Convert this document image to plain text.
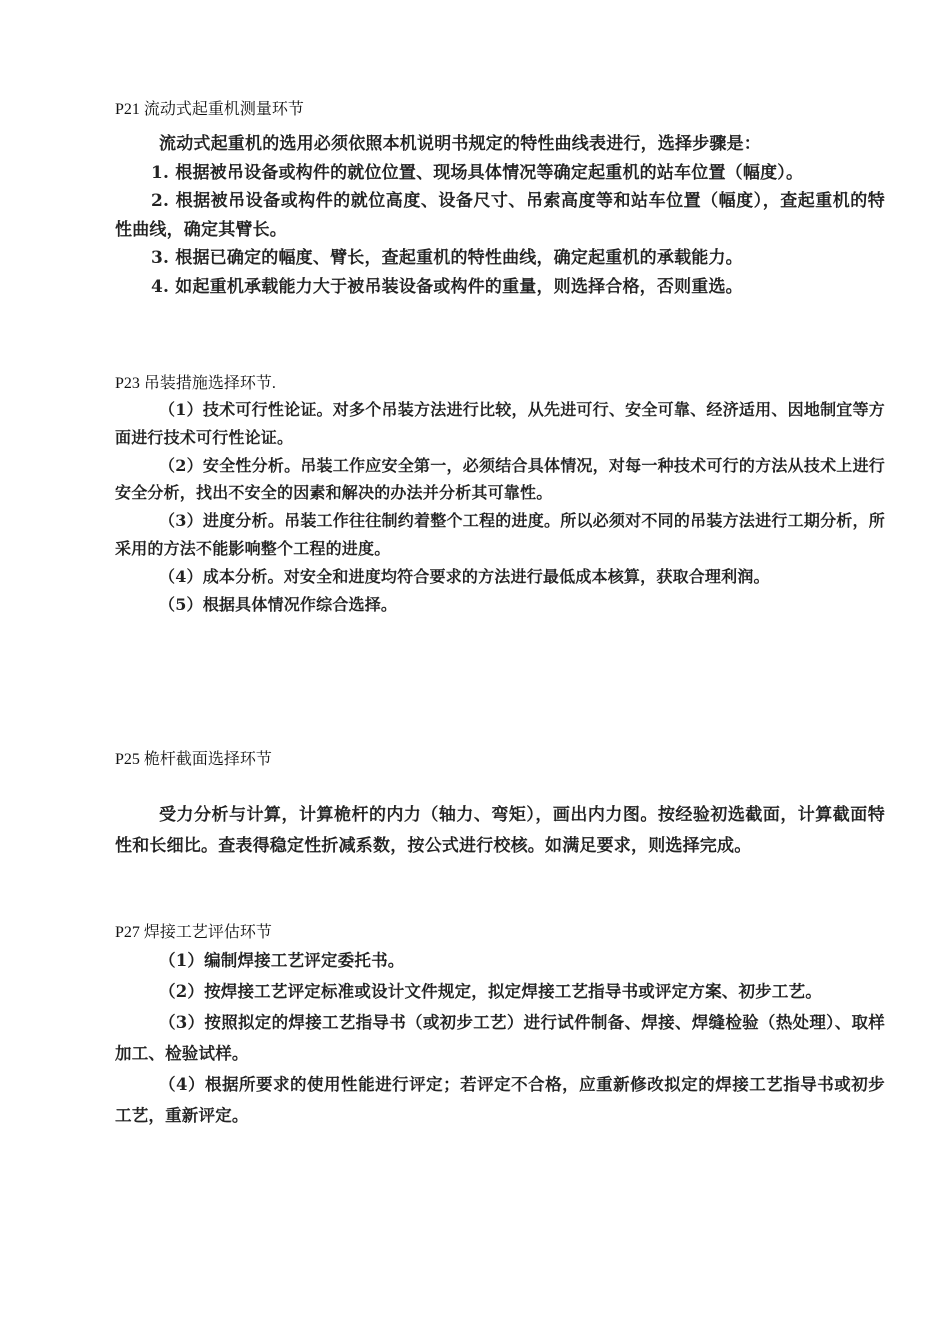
P21 流动式起重机测量环节

流动式起重机的选用必须依照本机说明书规定的特性曲线表进行，选择步骤是：

1. 根据被吊设备或构件的就位位置、现场具体情况等确定起重机的站车位置（幅度）。

2. 根据被吊设备或构件的就位高度、设备尺寸、吊索高度等和站车位置（幅度），查起重机的特性曲线，确定其臂长。

3. 根据已确定的幅度、臂长，查起重机的特性曲线，确定起重机的承载能力。

4. 如起重机承载能力大于被吊装设备或构件的重量，则选择合格，否则重选。

P23 吊装措施选择环节.

（1）技术可行性论证。对多个吊装方法进行比较，从先进可行、安全可靠、经济适用、因地制宜等方面进行技术可行性论证。

（2）安全性分析。吊装工作应安全第一，必须结合具体情况，对每一种技术可行的方法从技术上进行安全分析，找出不安全的因素和解决的办法并分析其可靠性。

（3）进度分析。吊装工作往往制约着整个工程的进度。所以必须对不同的吊装方法进行工期分析，所采用的方法不能影响整个工程的进度。

（4）成本分析。对安全和进度均符合要求的方法进行最低成本核算，获取合理利润。

（5）根据具体情况作综合选择。

P25 桅杆截面选择环节

受力分析与计算，计算桅杆的内力（轴力、弯矩），画出内力图。按经验初选截面，计算截面特性和长细比。查表得稳定性折减系数，按公式进行校核。如满足要求，则选择完成。

P27 焊接工艺评估环节

（1）编制焊接工艺评定委托书。

（2）按焊接工艺评定标准或设计文件规定，拟定焊接工艺指导书或评定方案、初步工艺。

（3）按照拟定的焊接工艺指导书（或初步工艺）进行试件制备、焊接、焊缝检验（热处理）、取样加工、检验试样。

（4）根据所要求的使用性能进行评定；若评定不合格，应重新修改拟定的焊接工艺指导书或初步工艺，重新评定。
